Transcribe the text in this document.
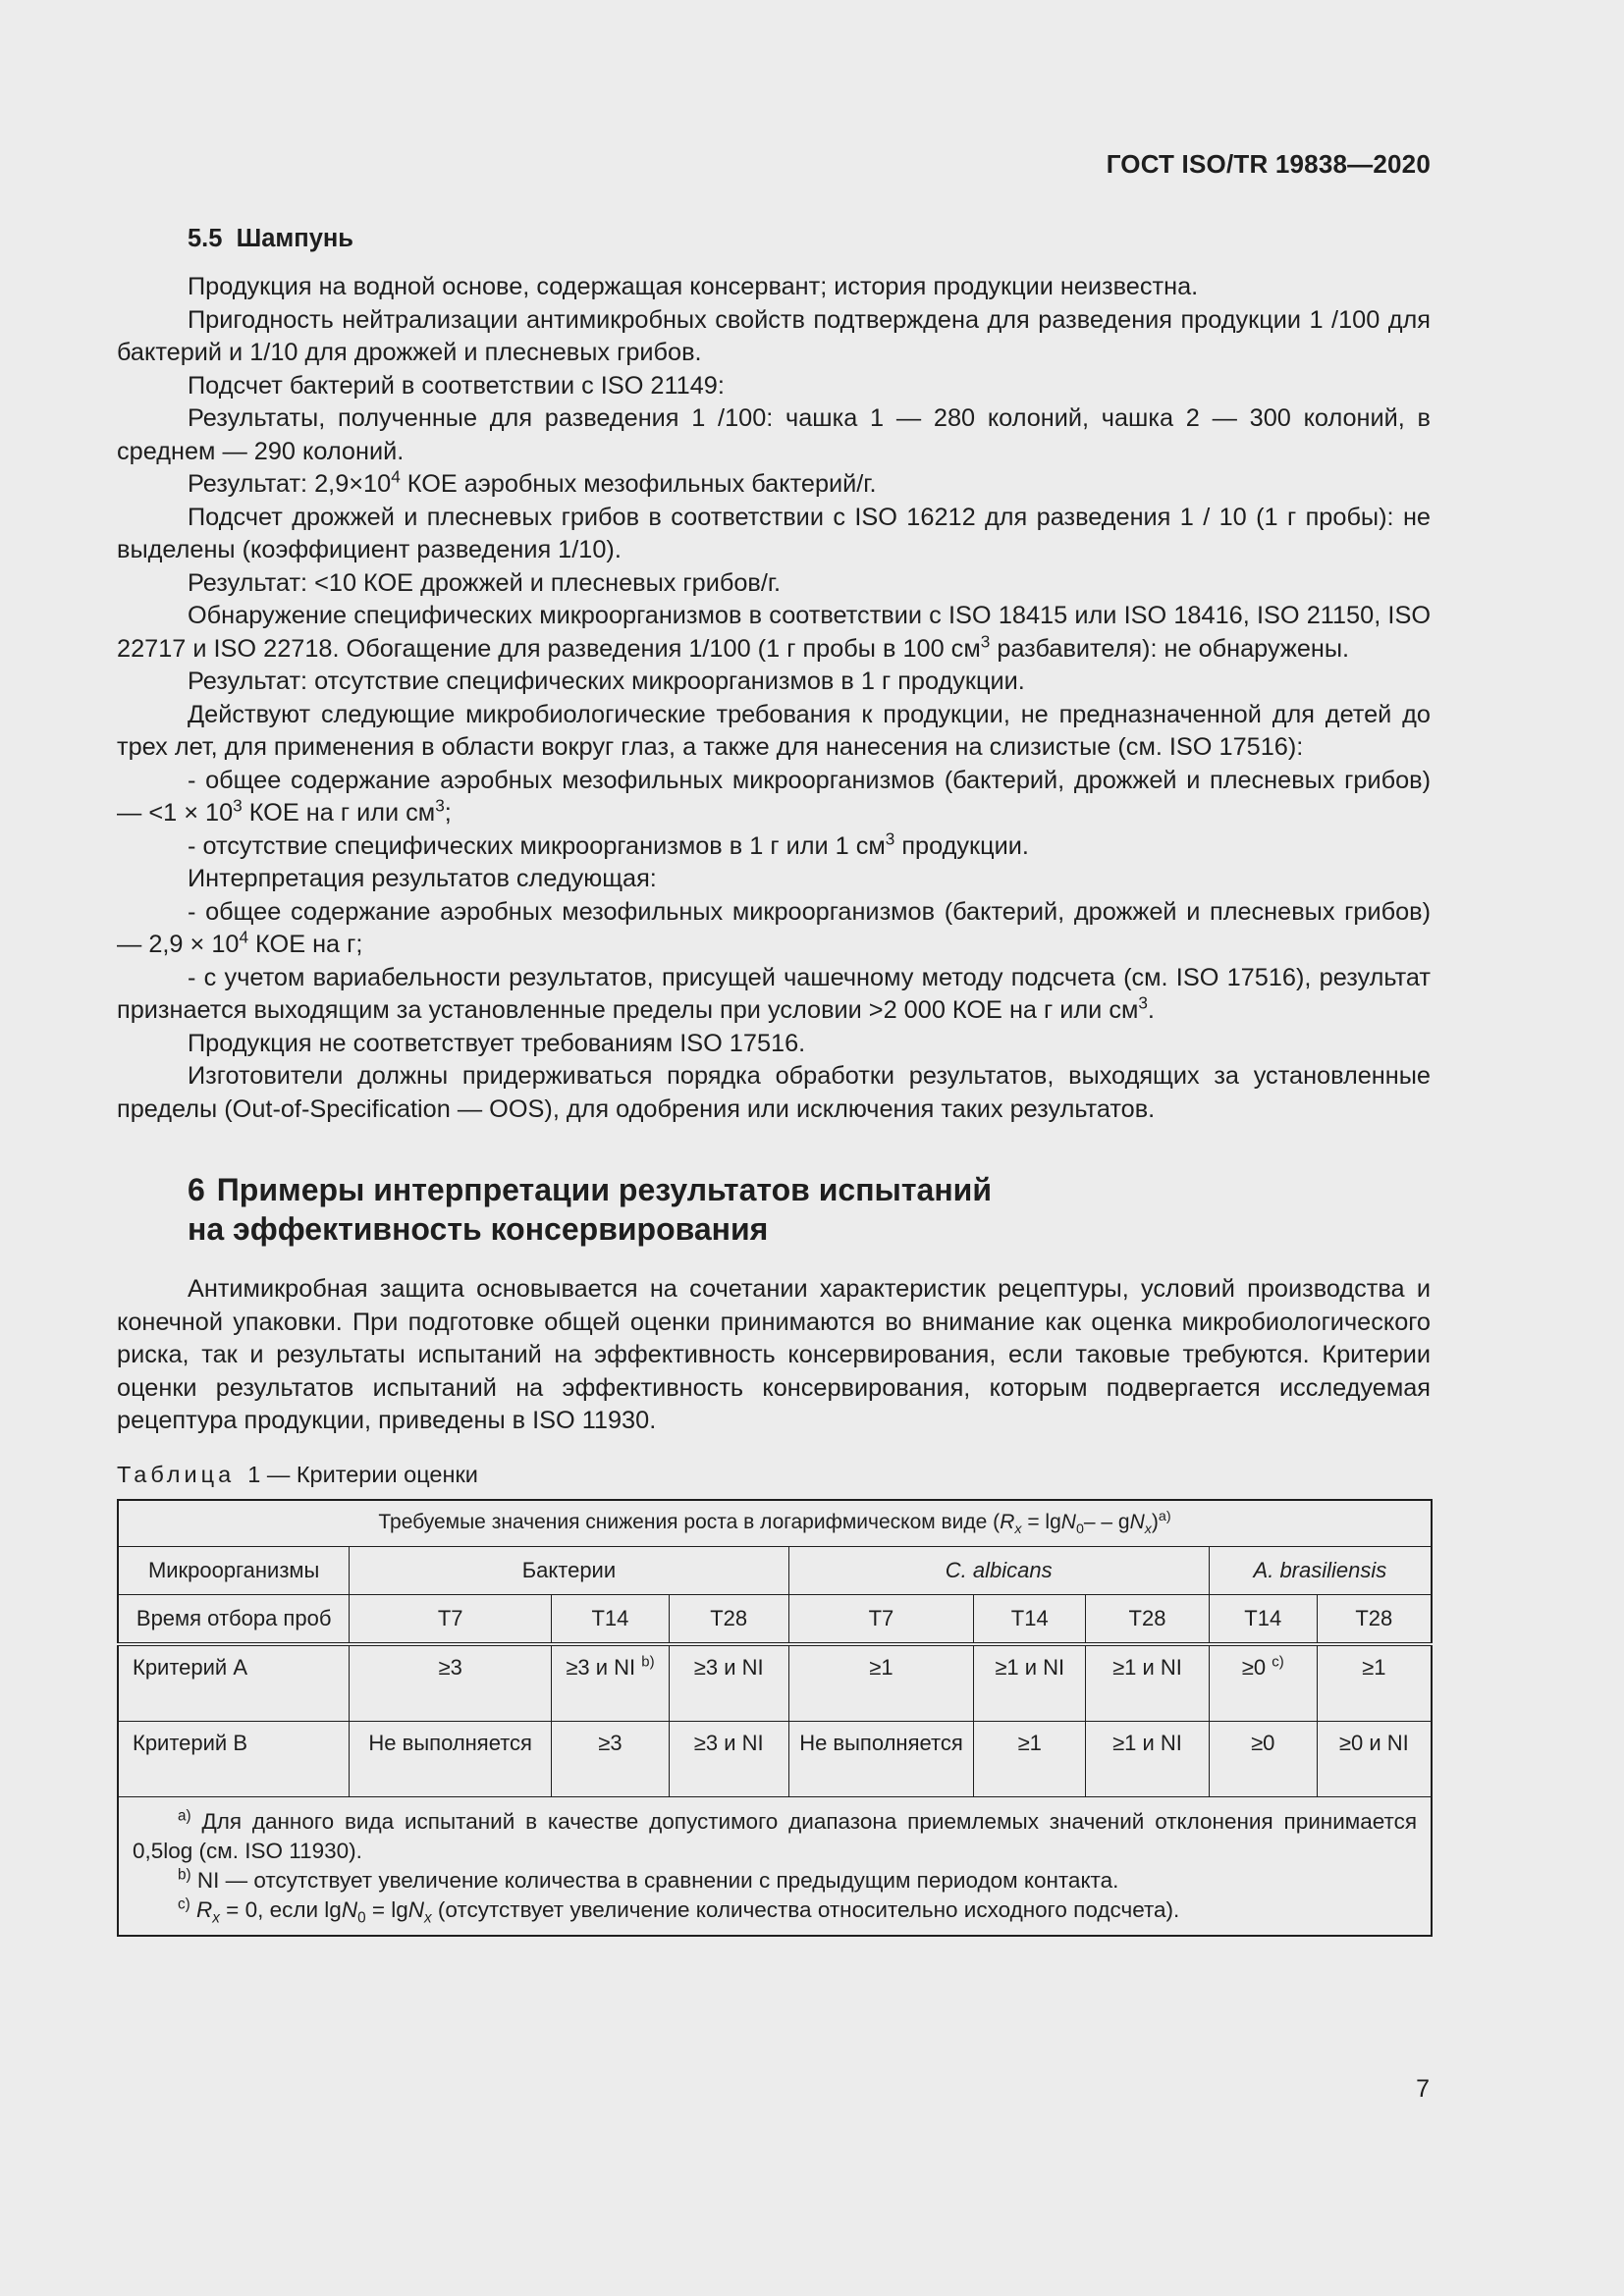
ГОСТ ISO/TR 19838—2020
5.5 Шампунь

Продукция на водной основе, содержащая консервант; история продукции неизвестна.

Пригодность нейтрализации антимикробных свойств подтверждена для разведения продукции 1 /100 для бактерий и 1/10 для дрожжей и плесневых грибов.

Подсчет бактерий в соответствии с ISO 21149:

Результаты, полученные для разведения 1 /100: чашка 1 — 280 колоний, чашка 2 — 300 колоний, в среднем — 290 колоний.

Результат: $2,9\times 10^4$ КОЕ аэробных мезофильных бактерий/г.

Подсчет дрожжей и плесневых грибов в соответствии с ISO 16212 для разведения 1 / 10 (1 г пробы): не выделены (коэффициент разведения 1/10).

Результат: <10 КОЕ дрожжей и плесневых грибов/г.

Обнаружение специфических микроорганизмов в соответствии с ISO 18415 или ISO 18416, ISO 21150, ISO 22717 и ISO 22718. Обогащение для разведения 1/100 (1 г пробы в 100 $см^3$ разбавителя): не обнаружены.

Результат: отсутствие специфических микроорганизмов в 1 г продукции.

Действуют следующие микробиологические требования к продукции, не предназначенной для детей до трех лет, для применения в области вокруг глаз, а также для нанесения на слизистые (см. ISO 17516):

- общее содержание аэробных мезофильных микроорганизмов (бактерий, дрожжей и плесневых грибов) — $<1 \times 10^3$ КОЕ на г или $см^3$;

- отсутствие специфических микроорганизмов в 1 г или 1 $см^3$ продукции.

Интерпретация результатов следующая:

- общее содержание аэробных мезофильных микроорганизмов (бактерий, дрожжей и плесневых грибов) — $2,9 \times 10^4$ КОЕ на г;

- с учетом вариабельности результатов, присущей чашечному методу подсчета (см. ISO 17516), результат признается выходящим за установленные пределы при условии >2 000 КОЕ на г или $см^3$.

Продукция не соответствует требованиям ISO 17516.

Изготовители должны придерживаться порядка обработки результатов, выходящих за установленные пределы (Out-of-Specification — OOS), для одобрения или исключения таких результатов.

6 Примеры интерпретации результатов испытаний
на эффективность консервирования

Антимикробная защита основывается на сочетании характеристик рецептуры, условий производства и конечной упаковки. При подготовке общей оценки принимаются во внимание как оценка микробиологического риска, так и результаты испытаний на эффективность консервирования, если таковые требуются. Критерии оценки результатов испытаний на эффективность консервирования, которым подвергается исследуемая рецептура продукции, приведены в ISO 11930.

Таблица 1 — Критерии оценки
Требуемые значения снижения роста в логарифмическом виде $(R_x = \lg N_0- - gN_x)^{a)}$
Микроорганизмы	Бактерии			C. albicans			A. brasiliensis	
Время отбора проб	T7	T14	T28	T7	T14	T28	T14	T28
Критерий А	≥3	≥3 и NI $^{b)}$	≥3 и NI	≥1	≥1 и NI	≥1 и NI	≥0 $^{c)}$	≥1
Критерий В	Не выполняется	≥3	≥3 и NI	Не выполняется	≥1	≥1 и NI	≥0	≥0 и NI

$^{a)}$ Для данного вида испытаний в качестве допустимого диапазона приемлемых значений отклонения принимается 0,5log (см. ISO 11930).

$^{b)}$ NI — отсутствует увеличение количества в сравнении с предыдущим периодом контакта.

$^{c)}$ $R_x = 0$, если lgN$_0$ = lgN$_x$ (отсутствует увеличение количества относительно исходного подсчета).								

7
